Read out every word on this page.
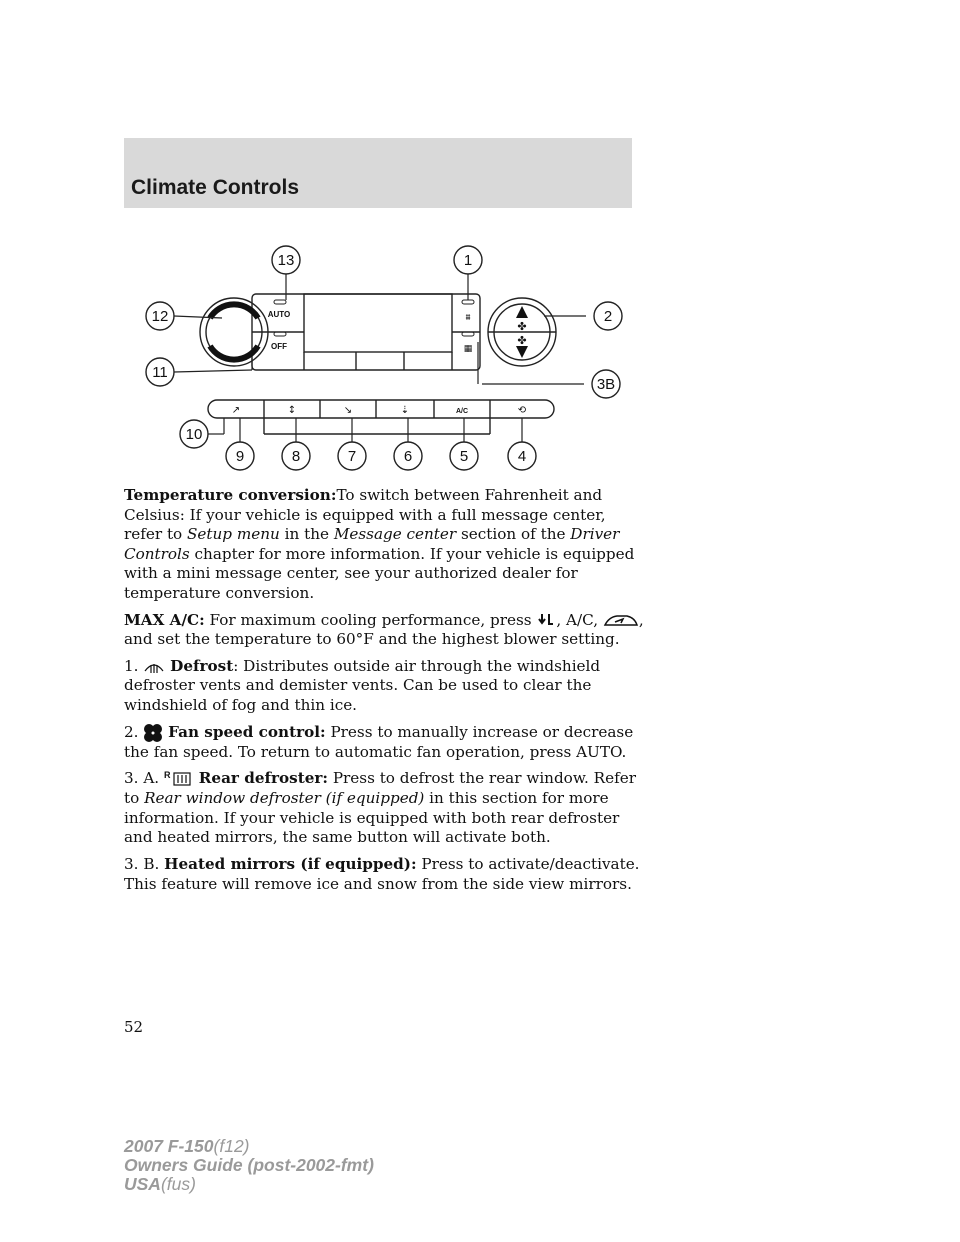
Climate Controls
✤
✤
AUTO
OFF
⩩
▦
↗	↕	↘	⇣	A/C	⟲
13	1
12	2
11
3B
10
9	8	7	6	5	4

Temperature conversion:To switch between Fahrenheit and Celsius: If your vehicle is equipped with a full message center, refer to Setup menu in the Message center section of the Driver Controls chapter for more information. If your vehicle is equipped with a mini message center, see your authorized dealer for temperature conversion.

MAX A/C: For maximum cooling performance, press , A/C,	,
and set the temperature to 60°F and the highest blower setting.

1. Defrost: Distributes outside air through the windshield defroster vents and demister vents. Can be used to clear the windshield of fog and thin ice.

2. Fan speed control: Press to manually increase or decrease the fan speed. To return to automatic fan operation, press AUTO.

3. A. R Rear defroster: Press to defrost the rear window. Refer to Rear window defroster (if equipped) in this section for more information. If your vehicle is equipped with both rear defroster and heated mirrors, the same button will activate both.

3. B. Heated mirrors (if equipped): Press to activate/deactivate. This feature will remove ice and snow from the side view mirrors.

52
2007 F-150(f12)
Owners Guide (post-2002-fmt)
USA(fus)
